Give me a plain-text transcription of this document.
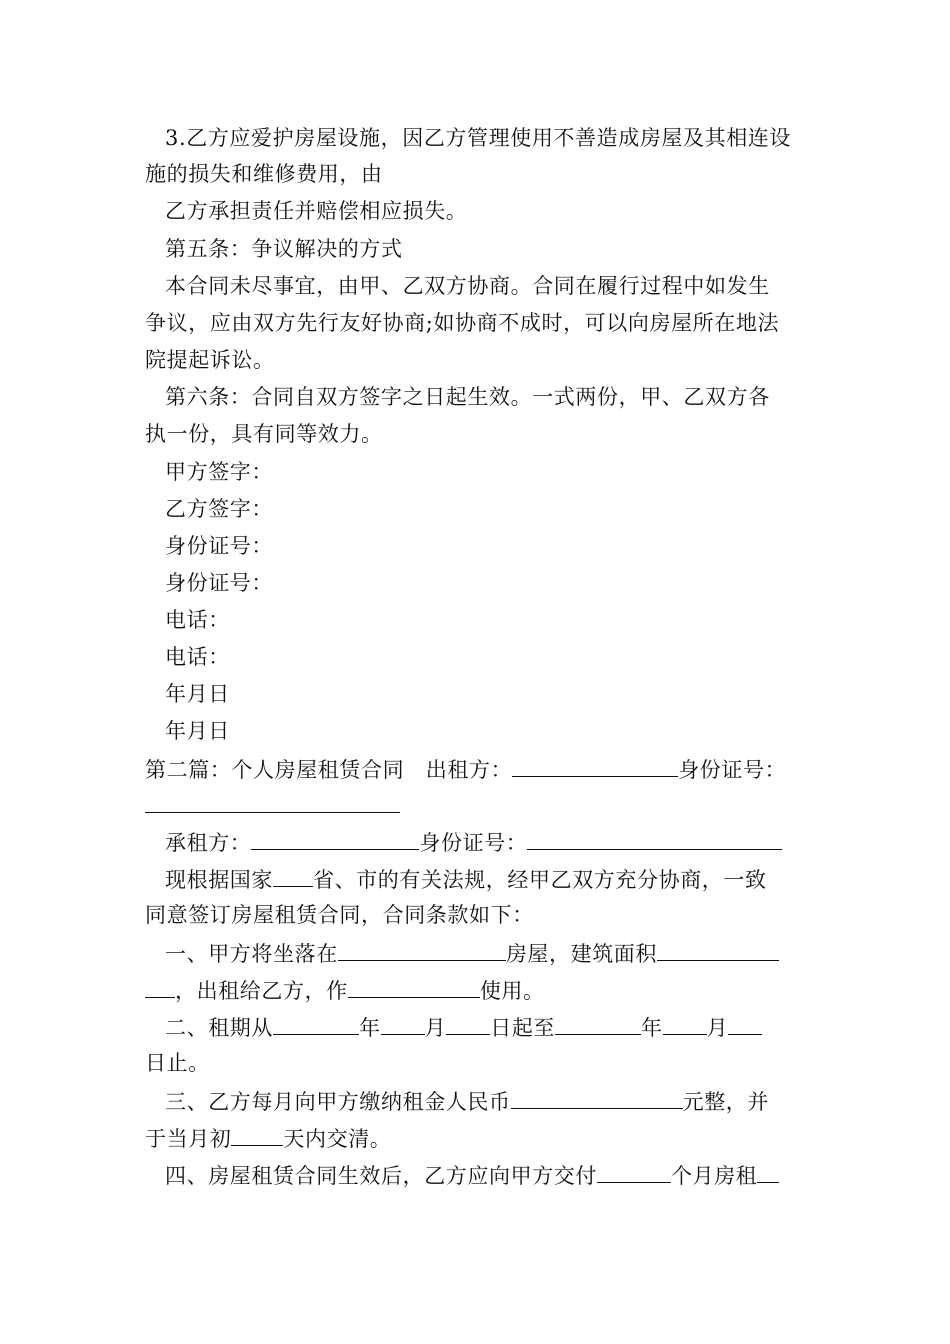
3.乙方应爱护房屋设施，因乙方管理使用不善造成房屋及其相连设
施的损失和维修费用，由
乙方承担责任并赔偿相应损失。
第五条：争议解决的方式
本合同未尽事宜，由甲、乙双方协商。合同在履行过程中如发生
争议，应由双方先行友好协商;如协商不成时，可以向房屋所在地法
院提起诉讼。
第六条：合同自双方签字之日起生效。一式两份，甲、乙双方各
执一份，具有同等效力。
甲方签字：
乙方签字：
身份证号：
身份证号：
电话：
电话：
年月日
年月日
第二篇：个人房屋租赁合同　出租方：	身份证号：
承租方：	身份证号：
现根据国家 省、市的有关法规，经甲乙双方充分协商，一致
同意签订房屋租赁合同，合同条款如下：
一、甲方将坐落在	房屋，建筑面积
，出租给乙方，作	使用。
二、租期从	年 月 日起至	年 月
日止。
三、乙方每月向甲方缴纳租金人民币	元整，并
于当月初 天内交清。
四、房屋租赁合同生效后，乙方应向甲方交付	个月房租
